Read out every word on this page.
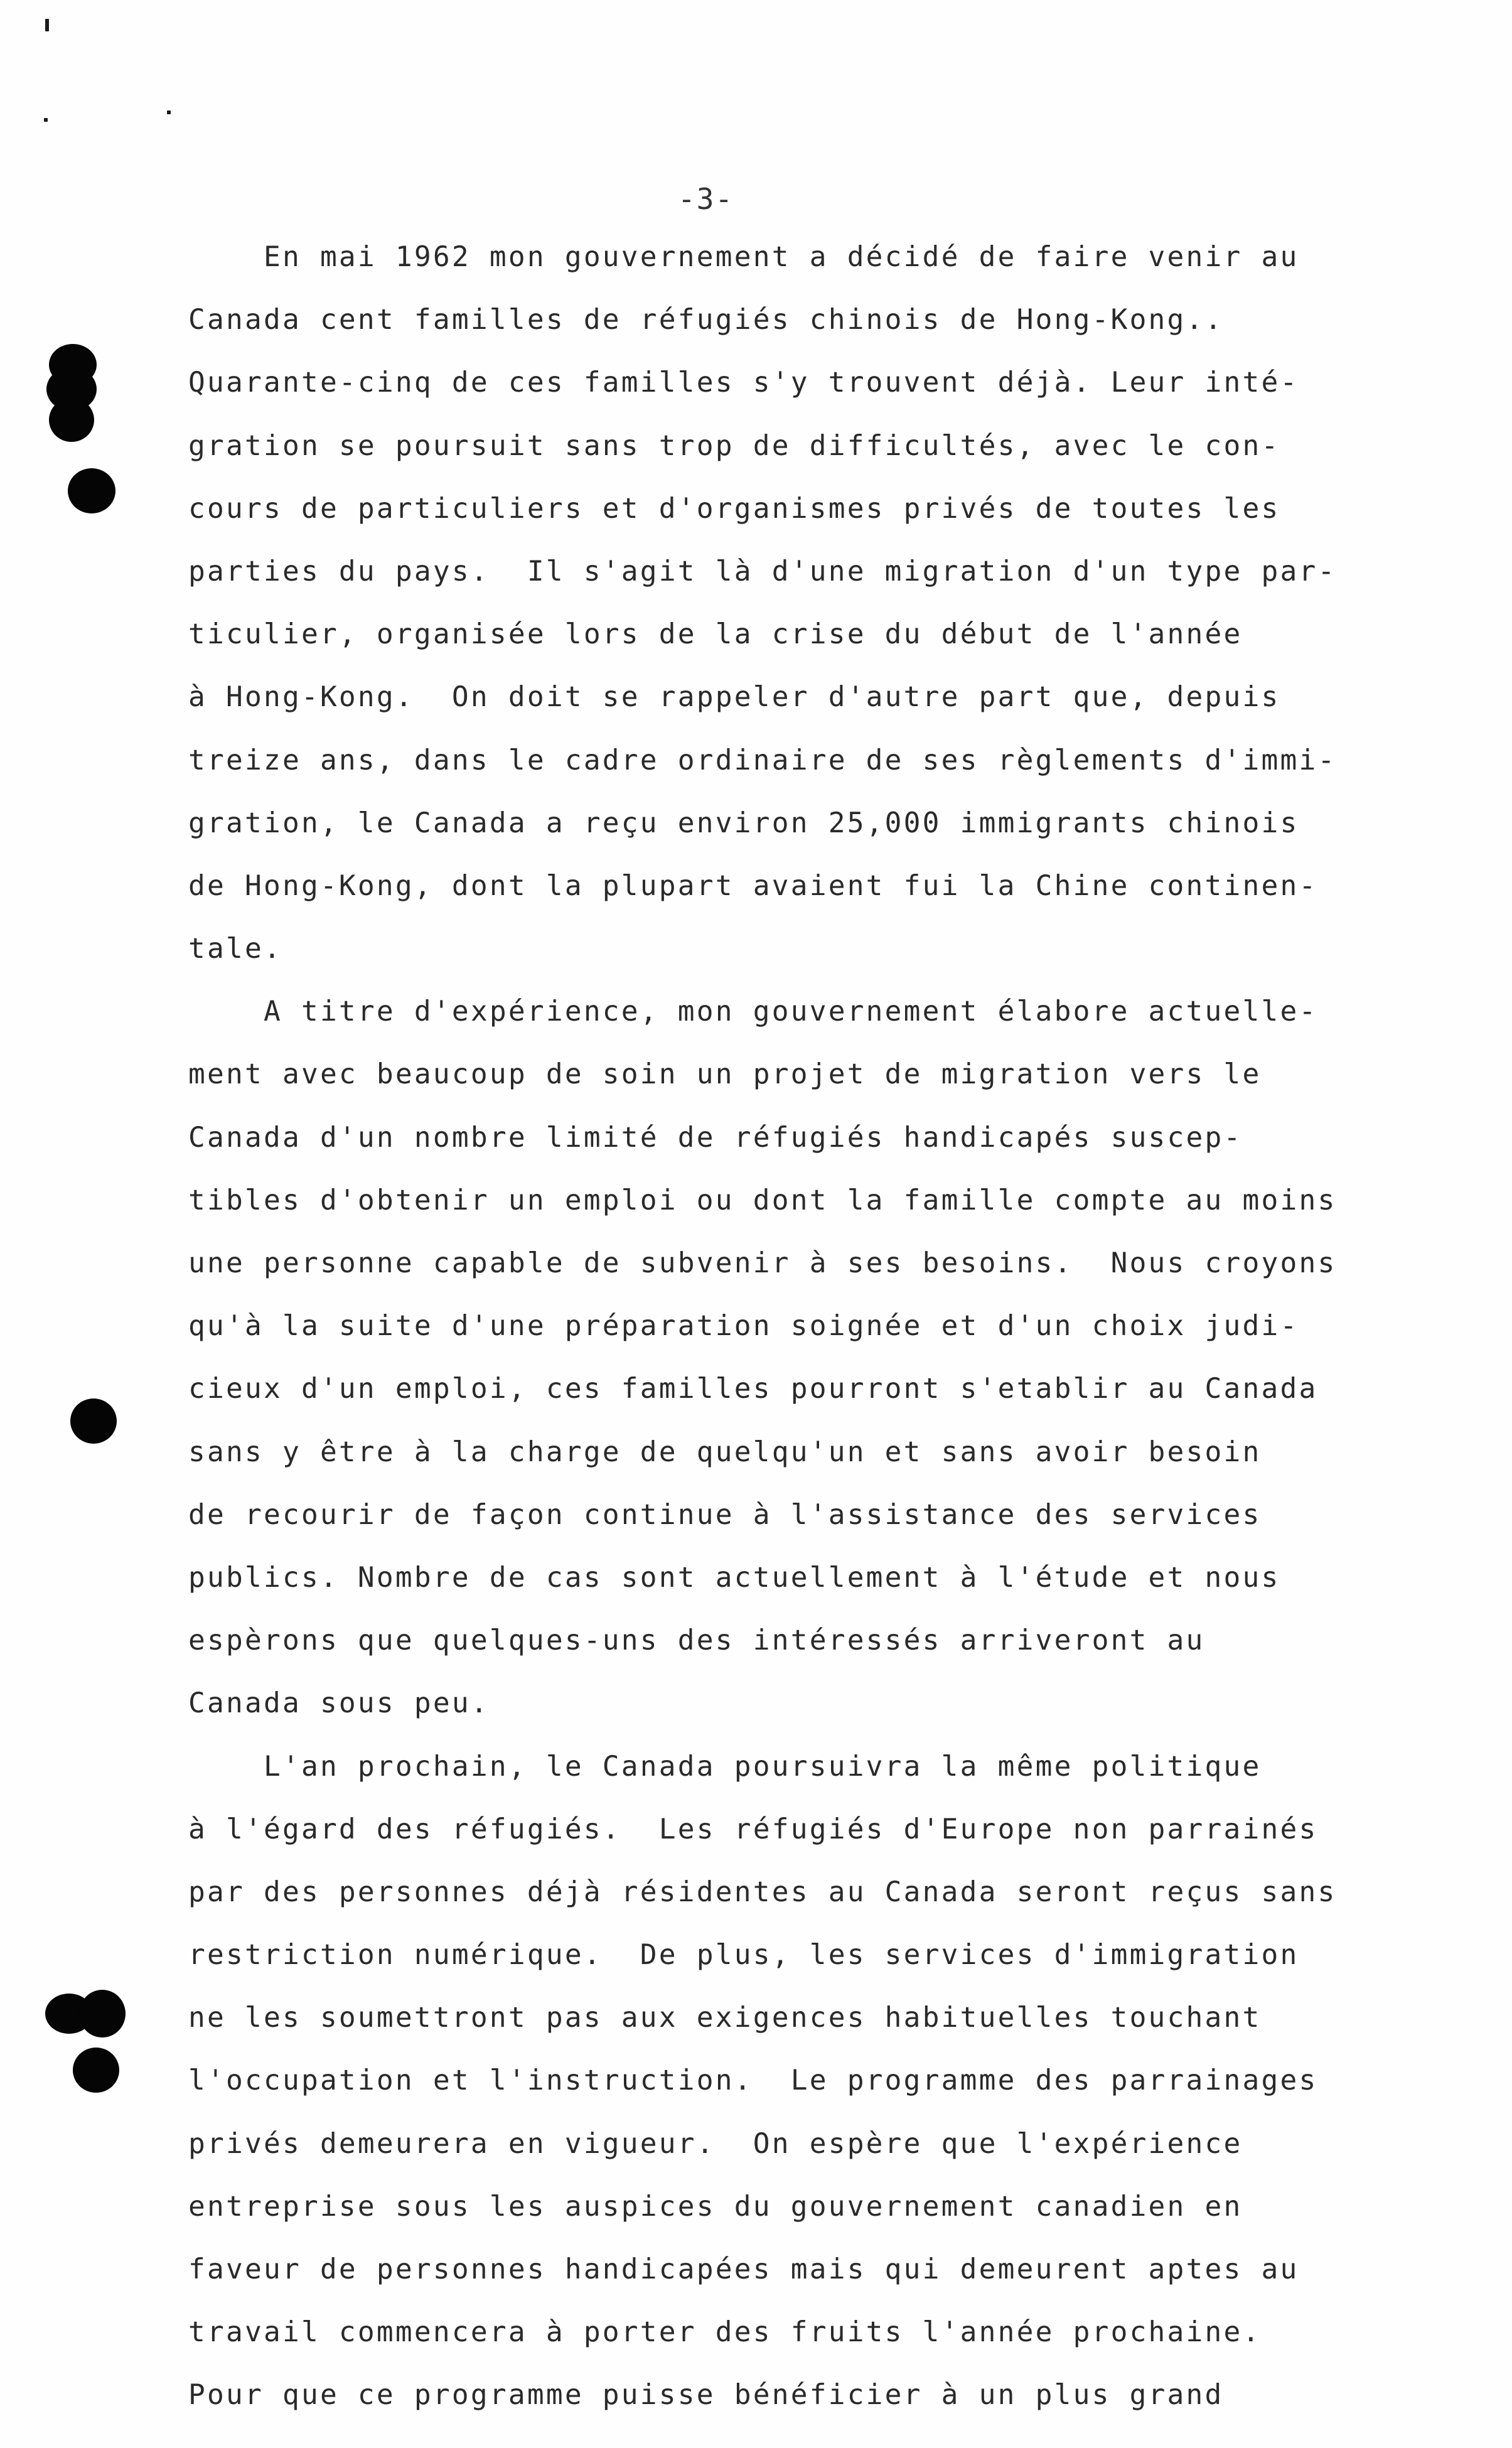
-3-
En mai 1962 mon gouvernement a décidé de faire venir au
Canada cent familles de réfugiés chinois de Hong-Kong..
Quarante-cinq de ces familles s'y trouvent déjà. Leur inté-
gration se poursuit sans trop de difficultés, avec le con-
cours de particuliers et d'organismes privés de toutes les
parties du pays.  Il s'agit là d'une migration d'un type par-
ticulier, organisée lors de la crise du début de l'année
à Hong-Kong.  On doit se rappeler d'autre part que, depuis
treize ans, dans le cadre ordinaire de ses règlements d'immi-
gration, le Canada a reçu environ 25,000 immigrants chinois
de Hong-Kong, dont la plupart avaient fui la Chine continen-
tale.
A titre d'expérience, mon gouvernement élabore actuelle-
ment avec beaucoup de soin un projet de migration vers le
Canada d'un nombre limité de réfugiés handicapés suscep-
tibles d'obtenir un emploi ou dont la famille compte au moins
une personne capable de subvenir à ses besoins.  Nous croyons
qu'à la suite d'une préparation soignée et d'un choix judi-
cieux d'un emploi, ces familles pourront s'etablir au Canada
sans y être à la charge de quelqu'un et sans avoir besoin
de recourir de façon continue à l'assistance des services
publics. Nombre de cas sont actuellement à l'étude et nous
espèrons que quelques-uns des intéressés arriveront au
Canada sous peu.
L'an prochain, le Canada poursuivra la même politique
à l'égard des réfugiés.  Les réfugiés d'Europe non parrainés
par des personnes déjà résidentes au Canada seront reçus sans
restriction numérique.  De plus, les services d'immigration
ne les soumettront pas aux exigences habituelles touchant
l'occupation et l'instruction.  Le programme des parrainages
privés demeurera en vigueur.  On espère que l'expérience
entreprise sous les auspices du gouvernement canadien en
faveur de personnes handicapées mais qui demeurent aptes au
travail commencera à porter des fruits l'année prochaine.
Pour que ce programme puisse bénéficier à un plus grand
